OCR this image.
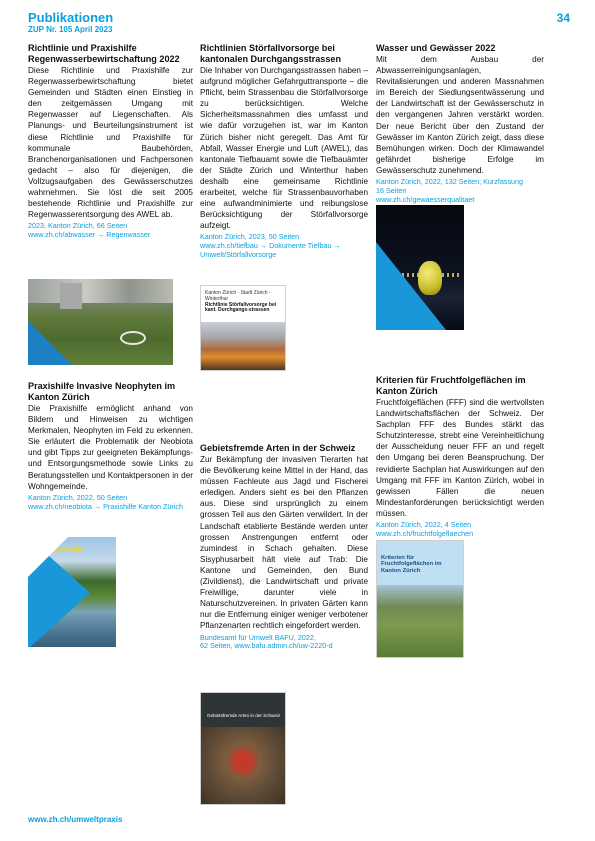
Publikationen
ZUP Nr. 105 April 2023
34

Richtlinie und Praxishilfe Regenwasserbewirtschaftung 2022

Diese Richtlinie und Praxishilfe zur Regenwasserbewirtschaftung bietet Gemeinden und Städten einen Einstieg in den zeitgemässen Umgang mit Regenwasser auf Liegenschaften. Als Planungs- und Beurteilungsinstrument ist diese Richtlinie und Praxishilfe für kommunale Baubehörden, Branchenorganisationen und Fachpersonen gedacht – also für diejenigen, die Vollzugsaufgaben des Gewässerschutzes wahrnehmen. Sie löst die seit 2005 bestehende Richtlinie und Praxishilfe zur Regenwasserentsorgung des AWEL ab.

2023, Kanton Zürich, 66 Seiten
www.zh.ch/abwasser → Regenwasser

Richtlinien Störfallvorsorge bei kantonalen Durchgangsstrassen

Die Inhaber von Durchgangsstrassen haben – aufgrund möglicher Gefahrguttransporte – die Pflicht, beim Strassenbau die Störfallvorsorge zu berücksichtigen. Welche Sicherheitsmassnahmen dies umfasst und wie dafür vorzugehen ist, war im Kanton Zürich bisher nicht geregelt. Das Amt für Abfall, Wasser Energie und Luft (AWEL), das kantonale Tiefbauamt sowie die Tiefbauämter der Städte Zürich und Winterthur haben deshalb eine gemeinsame Richtlinie erarbeitet, welche für Strassenbauvorhaben eine aufwandminimierte und reibungslose Berücksichtigung der Störfallvorsorge aufzeigt.

Kanton Zürich, 2023, 50 Seiten
www.zh.ch/tiefbau → Dokumente Tiefbau →
Umwelt/Störfallvorsorge

Wasser und Gewässer 2022

Mit dem Ausbau der Abwasserreinigungsanlagen, Revitalisierungen und anderen Massnahmen im Bereich der Siedlungsentwässerung und der Landwirtschaft ist der Gewässerschutz in den vergangenen Jahren verstärkt worden. Der neue Bericht über den Zustand der Gewässer im Kanton Zürich zeigt, dass diese Bemühungen wirken. Doch der Klimawandel gefährdet bisherige Erfolge im Gewässerschutz zunehmend.

Kanton Zürich, 2022, 132 Seiten; Kurzfassung
16 Seiten
www.zh.ch/gewaesserqualitaet

Praxishilfe Invasive Neophyten im Kanton Zürich

Die Praxishilfe ermöglicht anhand von Bildern und Hinweisen zu wichtigen Merkmalen, Neophyten im Feld zu erkennen. Sie erläutert die Problematik der Neobiota und gibt Tipps zur geeigneten Bekämpfungs- und Entsorgungsmethode sowie Links zu Beratungsstellen und Kontaktpersonen in der Wohngemeinde.

Kanton Zürich, 2022, 50 Seiten
www.zh.ch/neobiota → Praxishilfe Kanton Zürich

Gebietsfremde Arten in der Schweiz

Zur Bekämpfung der invasiven Tierarten hat die Bevölkerung keine Mittel in der Hand, das müssen Fachleute aus Jagd und Fischerei erledigen. Anders sieht es bei den Pflanzen aus. Diese sind ursprünglich zu einem grossen Teil aus den Gärten verwildert. In der Landschaft etablierte Bestände werden unter grossen Anstrengungen entfernt oder zumindest in Schach gehalten. Diese Sisyphusarbeit hält viele auf Trab: Die Kantone und Gemeinden, den Bund (Zivildienst), die Landwirtschaft und private Freiwillige, darunter viele in Naturschutzvereinen. In privaten Gärten kann nur die Entfernung einiger weniger verbotener Pflanzenarten rechtlich eingefordert werden.

Bundesamt für Umwelt BAFU, 2022,
62 Seiten, www.bafu.admin.ch/uw-2220-d

Kriterien für Fruchtfolgeflächen im Kanton Zürich

Fruchtfolgeflächen (FFF) sind die wertvollsten Landwirtschaftsflächen der Schweiz. Der Sachplan FFF des Bundes stärkt das Schutzinteresse, strebt eine Vereinheitlichung der Ausscheidung neuer FFF an und regelt den Umgang bei deren Beanspruchung. Der revidierte Sachplan hat Auswirkungen auf den Umgang mit FFF im Kanton Zürich, wobei in gewissen Fällen die neuen Mindestanforderungen berücksichtigt werden müssen.

Kanton Zürich, 2022, 4 Seiten
www.zh.ch/fruchtfolgeflaechen

Kanton Zürich · Stadt Zürich · Winterthur
Richtlinie Störfallvorsorge bei kant. Durchgangs-strassen
Praxishilfe
Gebietsfremde Arten in der Schweiz
Kriterien für Fruchtfolgeflächen im Kanton Zürich
www.zh.ch/umweltpraxis
